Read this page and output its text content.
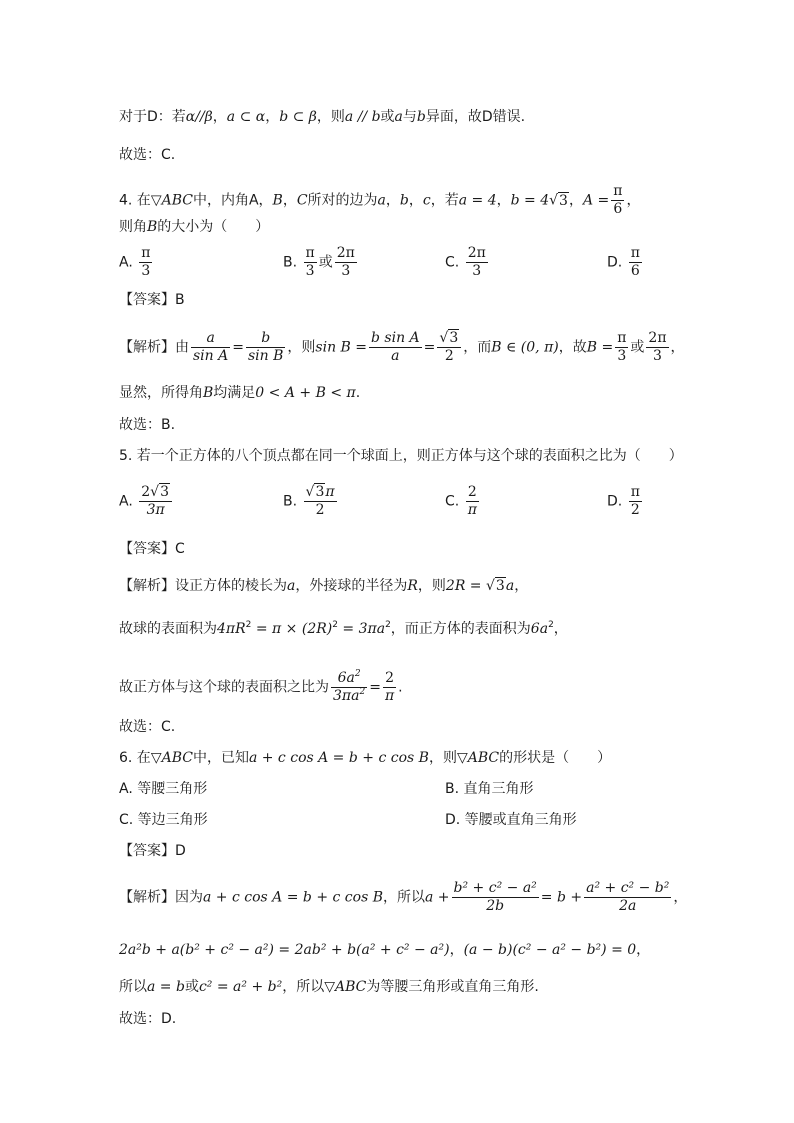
对于D：若α//β，a ⊂ α，b ⊂ β，则a // b或a与b异面，故D错误.
故选：C.
4. 在▽ABC中，内角A，B，C所对的边为a，b，c，若a = 4，b = 4√3，$A = \frac{\pi}{6}$ ，
则角B的大小为（　　）
A. $\frac{\pi}{3}$	B. $\frac{\pi}{3}$ 或 $\frac{2\pi}{3}$	C. $\frac{2\pi}{3}$	D. $\frac{\pi}{6}$
【答案】B
【解析】由 $\frac{a}{\text{sin A}} = \frac{b}{\text{sin B}}$ ，则$\sin B = \frac{\text{b sin A}}{a} = \frac{√3}{2}$ ，而B ∈ (0, π)，故$B = \frac{\pi}{3}$ 或 $\frac{2\pi}{3}$ ，
显然，所得角B均满足0 < A + B < π.
故选：B.
5. 若一个正方体的八个顶点都在同一个球面上，则正方体与这个球的表面积之比为（　　）
A. $\frac{2√3}{3\pi}$	B. $\frac{√3\pi}{2}$	C. $\frac{2}{\pi}$	D. $\frac{\pi}{2}$
【答案】C
【解析】设正方体的棱长为a，外接球的半径为R，则2R = √3a，
故球的表面积为$4\pi R^2 = \pi \times (2R)^2 = 3\pi a^2$，而正方体的表面积为$6a^2$，
故正方体与这个球的表面积之比为 $\frac{6a^2}{3\pi a^2} = \frac{2}{\pi}$ .
故选：C.
6. 在▽ABC中，已知a + c cos A = b + c cos B，则▽ABC的形状是（　　）
A. 等腰三角形	B. 直角三角形
C. 等边三角形	D. 等腰或直角三角形
【答案】D
【解析】因为a + c cos A = b + c cos B，所以$a + \frac{\text{b² + c² − a²}}{2b} = b + \frac{\text{a² + c² − b²}}{2a}$ ，
2a²b + a(b² + c² − a²) = 2ab² + b(a² + c² − a²)，(a − b)(c² − a² − b²) = 0，
所以a = b或c² = a² + b²，所以▽ABC为等腰三角形或直角三角形.
故选：D.
